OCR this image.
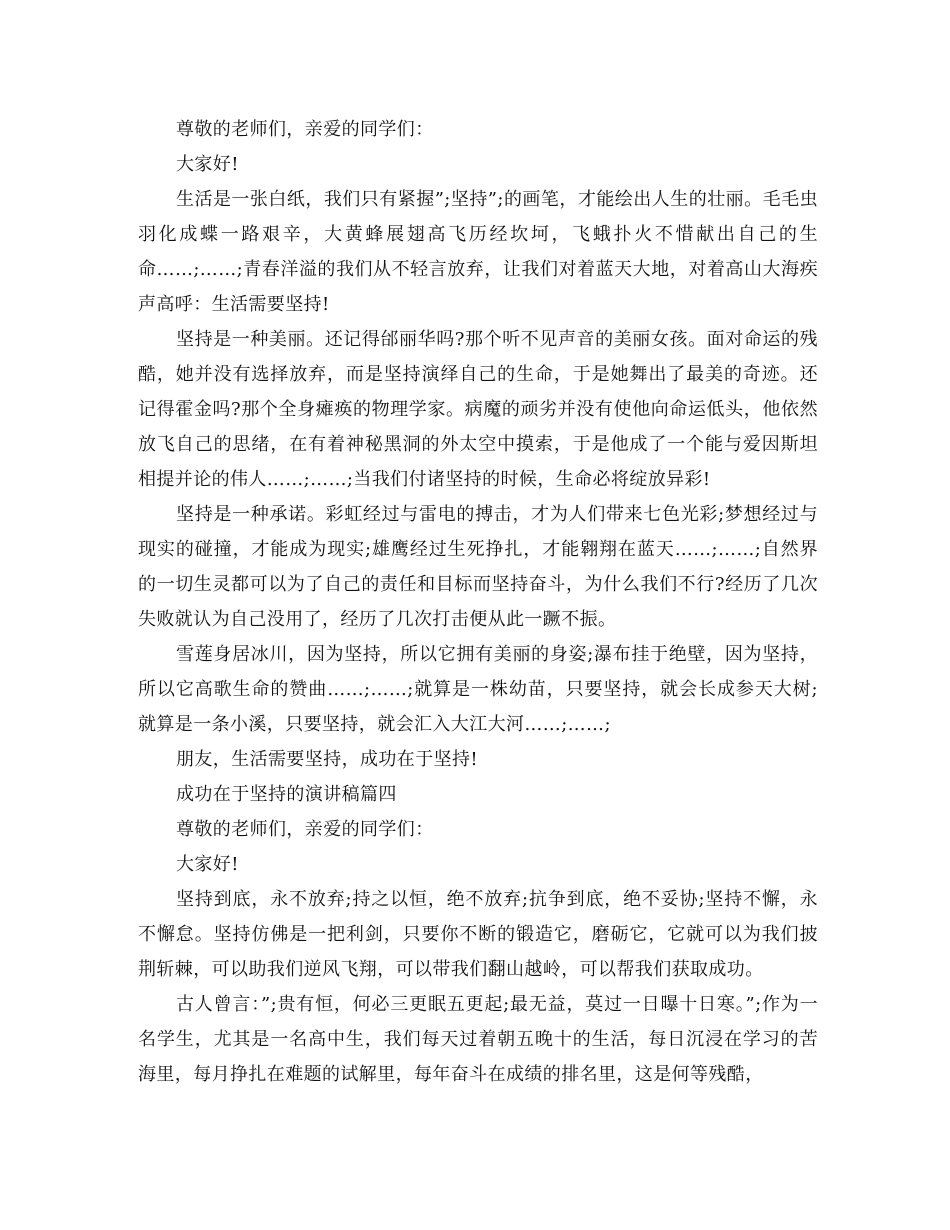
尊敬的老师们，亲爱的同学们：

大家好!

生活是一张白纸，我们只有紧握”;坚持”;的画笔，才能绘出人生的壮丽。毛毛虫羽化成蝶一路艰辛，大黄蜂展翅高飞历经坎坷，飞蛾扑火不惜献出自己的生命……;……;青春洋溢的我们从不轻言放弃，让我们对着蓝天大地，对着高山大海疾声高呼：生活需要坚持!

坚持是一种美丽。还记得邰丽华吗?那个听不见声音的美丽女孩。面对命运的残酷，她并没有选择放弃，而是坚持演绎自己的生命，于是她舞出了最美的奇迹。还记得霍金吗?那个全身瘫痪的物理学家。病魔的顽劣并没有使他向命运低头，他依然放飞自己的思绪，在有着神秘黑洞的外太空中摸索，于是他成了一个能与爱因斯坦相提并论的伟人……;……;当我们付诸坚持的时候，生命必将绽放异彩!

坚持是一种承诺。彩虹经过与雷电的搏击，才为人们带来七色光彩;梦想经过与现实的碰撞，才能成为现实;雄鹰经过生死挣扎，才能翱翔在蓝天……;……;自然界的一切生灵都可以为了自己的责任和目标而坚持奋斗，为什么我们不行?经历了几次失败就认为自己没用了，经历了几次打击便从此一蹶不振。

雪莲身居冰川，因为坚持，所以它拥有美丽的身姿;瀑布挂于绝壁，因为坚持，所以它高歌生命的赞曲……;……;就算是一株幼苗，只要坚持，就会长成参天大树;就算是一条小溪，只要坚持，就会汇入大江大河……;……;

朋友，生活需要坚持，成功在于坚持!

成功在于坚持的演讲稿篇四

尊敬的老师们，亲爱的同学们：

大家好!

坚持到底，永不放弃;持之以恒，绝不放弃;抗争到底，绝不妥协;坚持不懈，永不懈怠。坚持仿佛是一把利剑，只要你不断的锻造它，磨砺它，它就可以为我们披荆斩棘，可以助我们逆风飞翔，可以带我们翻山越岭，可以帮我们获取成功。

古人曾言：”;贵有恒，何必三更眠五更起;最无益，莫过一日曝十日寒。”;作为一名学生，尤其是一名高中生，我们每天过着朝五晚十的生活，每日沉浸在学习的苦海里，每月挣扎在难题的试解里，每年奋斗在成绩的排名里，这是何等残酷，
